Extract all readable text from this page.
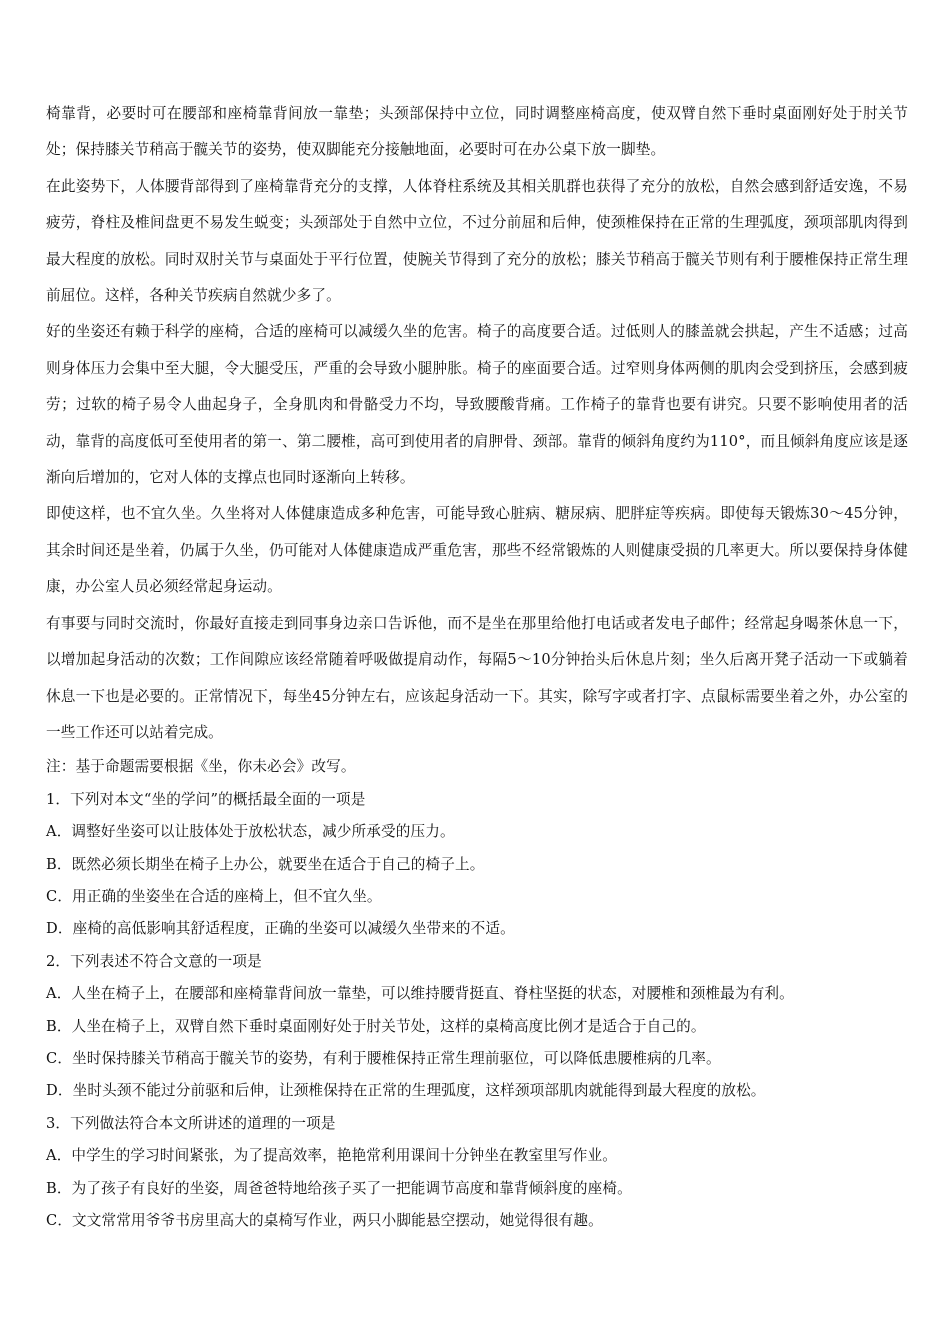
椅靠背，必要时可在腰部和座椅靠背间放一靠垫；头颈部保持中立位，同时调整座椅高度，使双臂自然下垂时桌面刚好处于肘关节处；保持膝关节稍高于髋关节的姿势，使双脚能充分接触地面，必要时可在办公桌下放一脚垫。

在此姿势下，人体腰背部得到了座椅靠背充分的支撑，人体脊柱系统及其相关肌群也获得了充分的放松，自然会感到舒适安逸，不易疲劳，脊柱及椎间盘更不易发生蜕变；头颈部处于自然中立位，不过分前屈和后伸，使颈椎保持在正常的生理弧度，颈项部肌肉得到最大程度的放松。同时双肘关节与桌面处于平行位置，使腕关节得到了充分的放松；膝关节稍高于髋关节则有利于腰椎保持正常生理前屈位。这样，各种关节疾病自然就少多了。

好的坐姿还有赖于科学的座椅，合适的座椅可以减缓久坐的危害。椅子的高度要合适。过低则人的膝盖就会拱起，产生不适感；过高则身体压力会集中至大腿，令大腿受压，严重的会导致小腿肿胀。椅子的座面要合适。过窄则身体两侧的肌肉会受到挤压，会感到疲劳；过软的椅子易令人曲起身子，全身肌肉和骨骼受力不均，导致腰酸背痛。工作椅子的靠背也要有讲究。只要不影响使用者的活动，靠背的高度低可至使用者的第一、第二腰椎，高可到使用者的肩胛骨、颈部。靠背的倾斜角度约为110°，而且倾斜角度应该是逐渐向后增加的，它对人体的支撑点也同时逐渐向上转移。

即使这样，也不宜久坐。久坐将对人体健康造成多种危害，可能导致心脏病、糖尿病、肥胖症等疾病。即使每天锻炼30～45分钟，其余时间还是坐着，仍属于久坐，仍可能对人体健康造成严重危害，那些不经常锻炼的人则健康受损的几率更大。所以要保持身体健康，办公室人员必须经常起身运动。

有事要与同时交流时，你最好直接走到同事身边亲口告诉他，而不是坐在那里给他打电话或者发电子邮件；经常起身喝茶休息一下，以增加起身活动的次数；工作间隙应该经常随着呼吸做提肩动作，每隔5～10分钟抬头后休息片刻；坐久后离开凳子活动一下或躺着休息一下也是必要的。正常情况下，每坐45分钟左右，应该起身活动一下。其实，除写字或者打字、点鼠标需要坐着之外，办公室的一些工作还可以站着完成。

注：基于命题需要根据《坐，你未必会》改写。

1．下列对本文“坐的学问”的概括最全面的一项是

A．调整好坐姿可以让肢体处于放松状态，减少所承受的压力。

B．既然必须长期坐在椅子上办公，就要坐在适合于自己的椅子上。

C．用正确的坐姿坐在合适的座椅上，但不宜久坐。

D．座椅的高低影响其舒适程度，正确的坐姿可以减缓久坐带来的不适。

2．下列表述不符合文意的一项是

A．人坐在椅子上，在腰部和座椅靠背间放一靠垫，可以维持腰背挺直、脊柱坚挺的状态，对腰椎和颈椎最为有利。

B．人坐在椅子上，双臂自然下垂时桌面刚好处于肘关节处，这样的桌椅高度比例才是适合于自己的。

C．坐时保持膝关节稍高于髋关节的姿势，有利于腰椎保持正常生理前驱位，可以降低患腰椎病的几率。

D．坐时头颈不能过分前驱和后伸，让颈椎保持在正常的生理弧度，这样颈项部肌肉就能得到最大程度的放松。

3．下列做法符合本文所讲述的道理的一项是

A．中学生的学习时间紧张，为了提高效率，艳艳常利用课间十分钟坐在教室里写作业。

B．为了孩子有良好的坐姿，周爸爸特地给孩子买了一把能调节高度和靠背倾斜度的座椅。

C．文文常常用爷爷书房里高大的桌椅写作业，两只小脚能悬空摆动，她觉得很有趣。
